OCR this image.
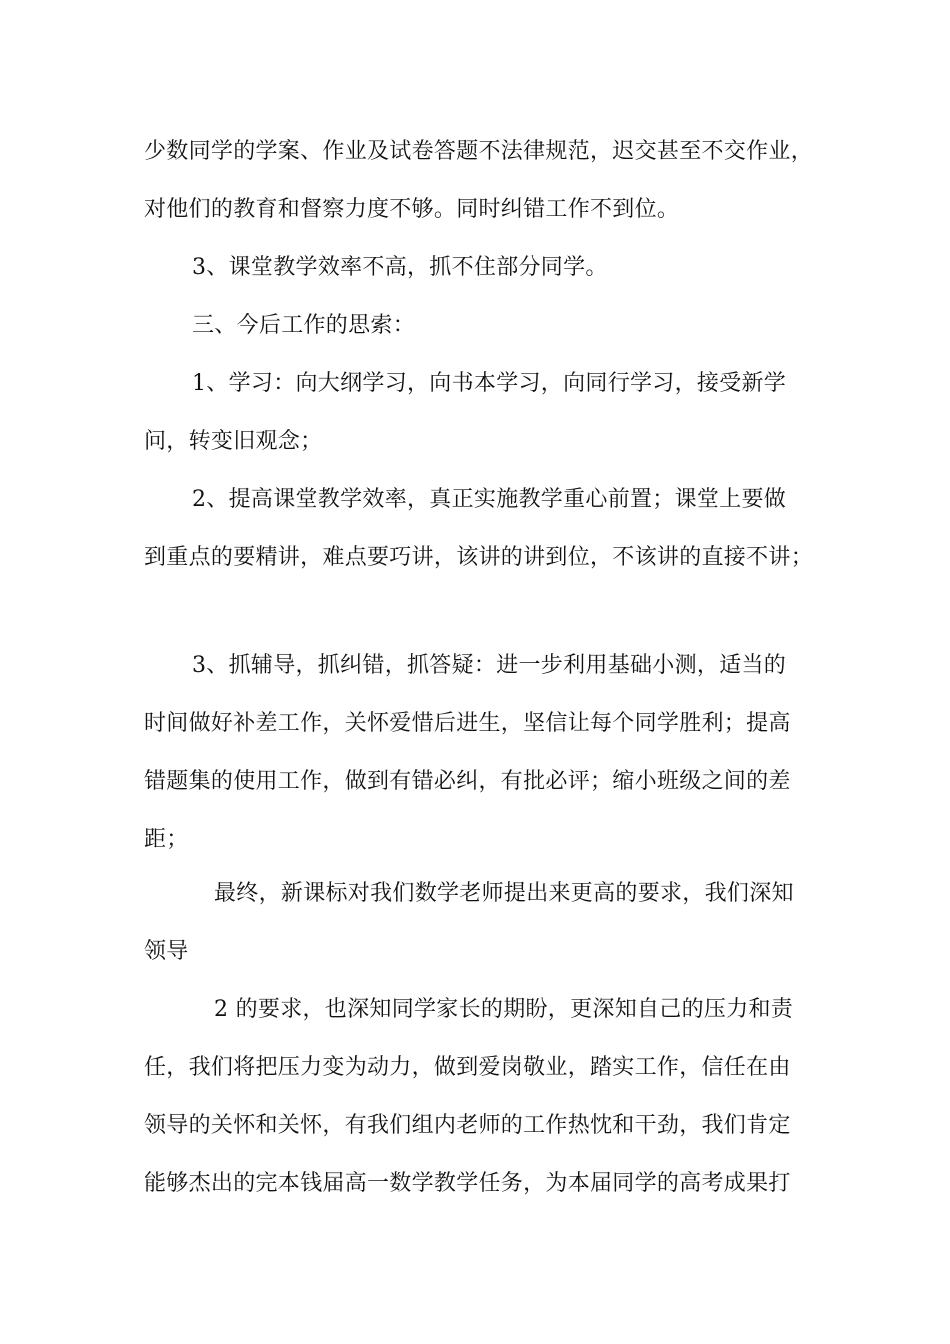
少数同学的学案、作业及试卷答题不法律规范，迟交甚至不交作业，
对他们的教育和督察力度不够。同时纠错工作不到位。
3、课堂教学效率不高，抓不住部分同学。
三、今后工作的思索：
1、学习：向大纲学习，向书本学习，向同行学习，接受新学
问，转变旧观念；
2、提高课堂教学效率，真正实施教学重心前置；课堂上要做
到重点的要精讲，难点要巧讲，该讲的讲到位，不该讲的直接不讲；
3、抓辅导，抓纠错，抓答疑：进一步利用基础小测，适当的
时间做好补差工作，关怀爱惜后进生，坚信让每个同学胜利；提高
错题集的使用工作，做到有错必纠，有批必评；缩小班级之间的差
距；
最终，新课标对我们数学老师提出来更高的要求，我们深知
领导
2 的要求，也深知同学家长的期盼，更深知自己的压力和责
任，我们将把压力变为动力，做到爱岗敬业，踏实工作，信任在由
领导的关怀和关怀，有我们组内老师的工作热忱和干劲，我们肯定
能够杰出的完本钱届高一数学教学任务，为本届同学的高考成果打
